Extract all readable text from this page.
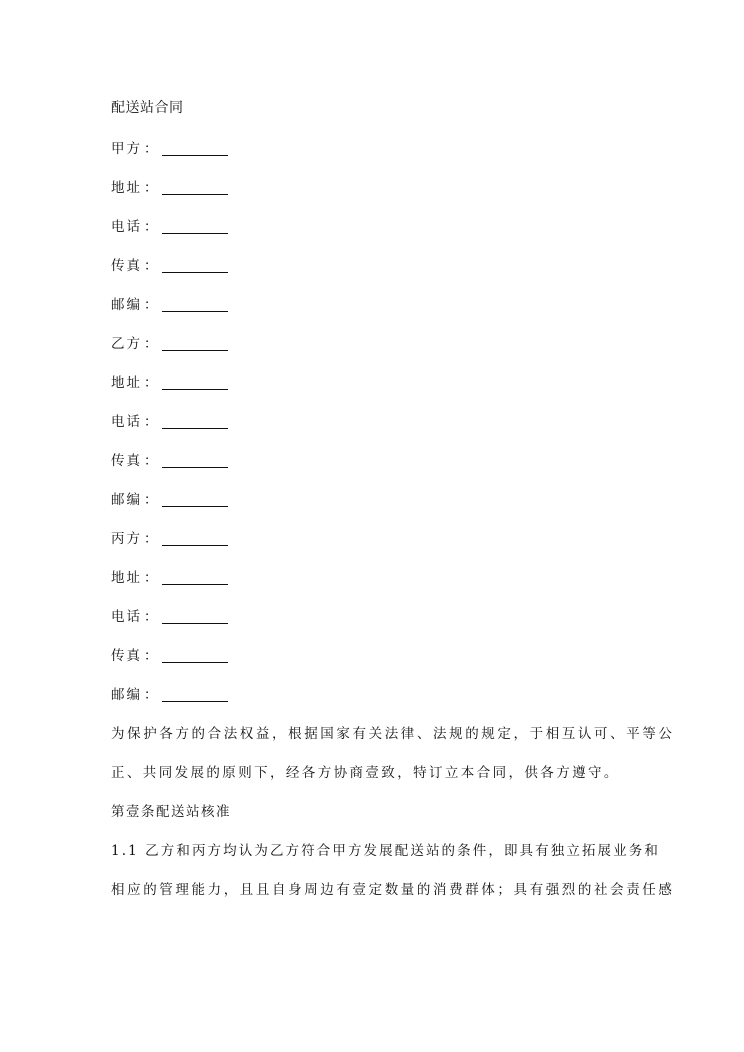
配送站合同
甲方 ：
地址 ：
电话 ：
传真 ：
邮编 ：
乙方 ：
地址 ：
电话 ：
传真 ：
邮编 ：
丙方 ：
地址 ：
电话 ：
传真 ：
邮编 ：
为保护各方的合法权益，根据国家有关法律、法规的规定，于相互认可、平等公
正、共同发展的原则下，经各方协商壹致，特订立本合同，供各方遵守。
第壹条配送站核准
1.1 乙方和丙方均认为乙方符合甲方发展配送站的条件，即具有独立拓展业务和
相应的管理能力，且且自身周边有壹定数量的消费群体；具有强烈的社会责任感
